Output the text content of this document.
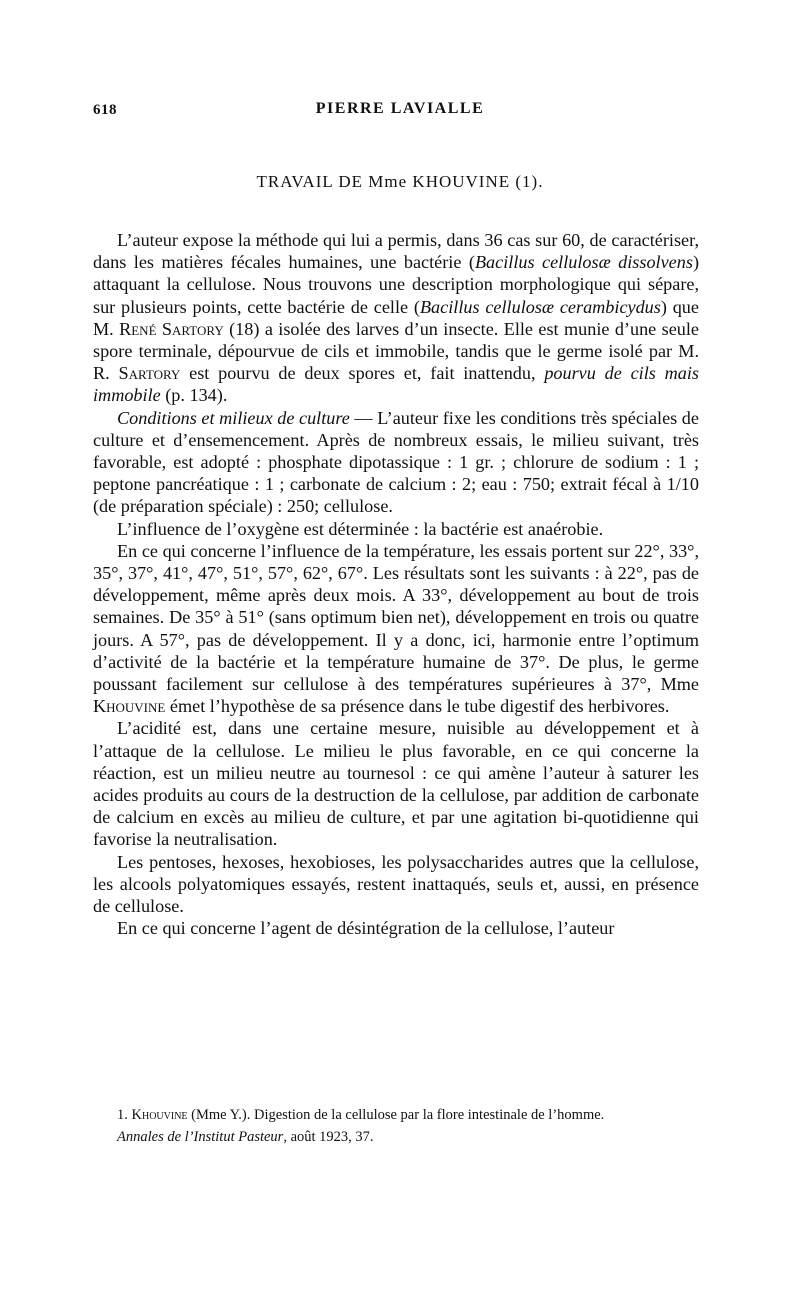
618	PIERRE LAVIALLE
TRAVAIL DE Mme KHOUVINE (1).

L’auteur expose la méthode qui lui a permis, dans 36 cas sur 60, de caractériser, dans les matières fécales humaines, une bactérie (Bacillus cellulosæ dissolvens) attaquant la cellulose. Nous trouvons une description morphologique qui sépare, sur plusieurs points, cette bactérie de celle (Bacillus cellulosæ cerambicydus) que M. René Sartory (18) a isolée des larves d’un insecte. Elle est munie d’une seule spore terminale, dépourvue de cils et immobile, tandis que le germe isolé par M. R. Sartory est pourvu de deux spores et, fait inattendu, pourvu de cils mais immobile (p. 134).

Conditions et milieux de culture — L’auteur fixe les conditions très spéciales de culture et d’ensemencement. Après de nombreux essais, le milieu suivant, très favorable, est adopté : phosphate dipotassique : 1 gr. ; chlorure de sodium : 1 ; peptone pancréatique : 1 ; carbonate de calcium : 2; eau : 750; extrait fécal à 1/10 (de préparation spéciale) : 250; cellulose.

L’influence de l’oxygène est déterminée : la bactérie est anaérobie.

En ce qui concerne l’influence de la température, les essais portent sur 22°, 33°, 35°, 37°, 41°, 47°, 51°, 57°, 62°, 67°. Les résultats sont les suivants : à 22°, pas de développement, même après deux mois. A 33°, développement au bout de trois semaines. De 35° à 51° (sans optimum bien net), développement en trois ou quatre jours. A 57°, pas de développement. Il y a donc, ici, harmonie entre l’optimum d’activité de la bactérie et la température humaine de 37°. De plus, le germe poussant facilement sur cellulose à des températures supérieures à 37°, Mme Khouvine émet l’hypothèse de sa présence dans le tube digestif des herbivores.

L’acidité est, dans une certaine mesure, nuisible au développement et à l’attaque de la cellulose. Le milieu le plus favorable, en ce qui concerne la réaction, est un milieu neutre au tournesol : ce qui amène l’auteur à saturer les acides produits au cours de la destruction de la cellulose, par addition de carbonate de calcium en excès au milieu de culture, et par une agitation bi-quotidienne qui favorise la neutralisation.

Les pentoses, hexoses, hexobioses, les polysaccharides autres que la cellulose, les alcools polyatomiques essayés, restent inattaqués, seuls et, aussi, en présence de cellulose.

En ce qui concerne l’agent de désintégration de la cellulose, l’auteur

1. Khouvine (Mme Y.). Digestion de la cellulose par la flore intestinale de l’homme.
Annales de l’Institut Pasteur, août 1923, 37.
